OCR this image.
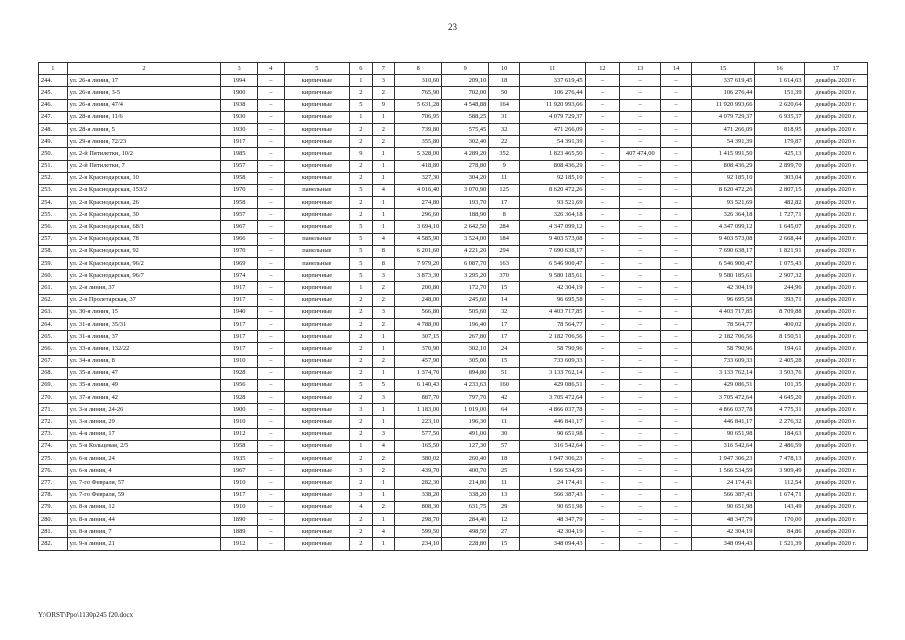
23
1	2	3	4	5	6	7	8	9	10	11	12	13	14	15	16	17
244.	ул. 26-я линия, 17	1994	–	кирпичные	1	3	310,60	209,10	18	337 619,45	–	–	–	337 619,45	1 614,63	декабрь 2020 г.
245.	ул. 26-я линия, 3-5	1900	–	кирпичные	2	2	765,90	702,00	50	106 276,44	–	–	–	106 276,44	151,39	декабрь 2020 г.
246.	ул. 26-я линия, 47/4	1938	–	кирпичные	5	9	5 631,28	4 548,88	164	11 920 993,66	–	–	–	11 920 993,66	2 620,64	декабрь 2020 г.
247.	ул. 28-я линия, 11/6	1930	–	кирпичные	1	1	706,95	588,25	31	4 079 729,37	–	–	–	4 079 729,37	6 935,37	декабрь 2020 г.
248.	ул. 28-я линия, 5	1930	–	кирпичные	2	2	739,80	575,45	32	471 266,09	–	–	–	471 266,09	818,95	декабрь 2020 г.
249.	ул. 29-я линия, 72/23	1917	–	кирпичные	2	2	355,80	302,40	22	54 391,39	–	–	–	54 391,39	179,87	декабрь 2020 г.
250.	ул. 2-й Пятилетки, 10/2	1985	–	кирпичные	9	1	5 328,00	4 289,20	352	1 823 465,50	–	407 474,00	–	1 415 991,50	425,13	декабрь 2020 г.
251.	ул. 2-й Пятилетки, 7	1957	–	кирпичные	2	1	418,80	278,80	9	808 436,29	–	–	–	808 436,29	2 899,70	декабрь 2020 г.
252.	ул. 2-я Краснодарская, 10	1958	–	кирпичные	2	1	327,30	304,20	11	92 185,10	–	–	–	92 185,10	303,04	декабрь 2020 г.
253.	ул. 2-я Краснодарская, 153/2	1970	–	панельные	5	4	4 016,40	3 070,90	125	8 620 472,26	–	–	–	8 620 472,26	2 807,15	декабрь 2020 г.
254.	ул. 2-я Краснодарская, 26	1958	–	кирпичные	2	1	274,80	193,70	17	93 521,69	–	–	–	93 521,69	482,82	декабрь 2020 г.
255.	ул. 2-я Краснодарская, 30	1957	–	кирпичные	2	1	296,60	188,90	8	326 364,18	–	–	–	326 364,18	1 727,71	декабрь 2020 г.
256.	ул. 2-я Краснодарская, 68/1	1967	–	кирпичные	5	1	3 694,10	2 642,50	284	4 347 099,12	–	–	–	4 347 099,12	1 645,07	декабрь 2020 г.
257.	ул. 2-я Краснодарская, 78	1966	–	панельные	5	4	4 585,90	3 524,00	184	9 403 573,08	–	–	–	9 403 573,08	2 668,44	декабрь 2020 г.
258.	ул. 2-я Краснодарская, 92	1970	–	панельные	5	8	6 201,60	4 221,20	294	7 690 638,17	–	–	–	7 690 638,17	1 821,91	декабрь 2020 г.
259.	ул. 2-я Краснодарская, 96/2	1969	–	панельные	5	8	7 979,20	6 087,70	163	6 546 900,47	–	–	–	6 546 900,47	1 075,43	декабрь 2020 г.
260.	ул. 2-я Краснодарская, 96/7	1974	–	кирпичные	5	3	3 873,30	3 295,20	370	9 580 185,61	–	–	–	9 580 185,61	2 907,32	декабрь 2020 г.
261.	ул. 2-я линия, 37	1917	–	кирпичные	1	2	200,80	172,70	15	42 304,19	–	–	–	42 304,19	244,96	декабрь 2020 г.
262.	ул. 2-я Пролетарская, 37	1917	–	кирпичные	2	2	248,00	245,60	14	96 695,58	–	–	–	96 695,58	393,71	декабрь 2020 г.
263.	ул. 30-я линия, 15	1940	–	кирпичные	2	3	566,80	505,60	32	4 403 717,85	–	–	–	4 403 717,85	8 709,88	декабрь 2020 г.
264.	ул. 31-я линия, 35/31	1917	–	кирпичные	2	2	4 788,00	196,40	17	78 564,77	–	–	–	78 564,77	400,02	декабрь 2020 г.
265.	ул. 31-я линия, 37	1917	–	кирпичные	2	1	307,15	267,80	17	2 182 706,56	–	–	–	2 182 706,56	8 150,51	декабрь 2020 г.
266.	ул. 33-я линия, 132/22	1917	–	кирпичные	2	1	370,90	302,10	24	58 790,96	–	–	–	58 790,96	194,61	декабрь 2020 г.
267.	ул. 34-я линия, 8	1910	–	кирпичные	2	2	457,90	305,00	15	733 609,33	–	–	–	733 609,33	2 405,28	декабрь 2020 г.
268.	ул. 35-я линия, 47	1928	–	кирпичные	2	1	1 374,70	894,80	51	3 133 762,14	–	–	–	3 133 762,14	3 503,76	декабрь 2020 г.
269.	ул. 35-я линия, 49	1956	–	кирпичные	5	5	6 140,43	4 233,63	160	429 086,51	–	–	–	429 086,51	101,35	декабрь 2020 г.
270.	ул. 37-я линия, 42	1928	–	кирпичные	2	3	887,70	797,70	42	3 705 472,64	–	–	–	3 705 472,64	4 645,20	декабрь 2020 г.
271.	ул. 3-я линия, 24-26	1900	–	кирпичные	3	1	1 183,00	1 019,00	64	4 866 037,78	–	–	–	4 866 037,78	4 775,31	декабрь 2020 г.
272.	ул. 3-я линия, 29	1910	–	кирпичные	2	1	223,10	196,30	11	446 841,17	–	–	–	446 841,17	2 276,32	декабрь 2020 г.
273.	ул. 4-я линия, 17	1912	–	кирпичные	2	3	577,50	491,00	30	90 651,98	–	–	–	90 651,98	184,63	декабрь 2020 г.
274.	ул. 5-я Кольцевая, 2/5	1958	–	кирпичные	1	4	165,50	127,30	57	316 542,64	–	–	–	316 542,64	2 486,59	декабрь 2020 г.
275.	ул. 6-я линия, 24	1935	–	кирпичные	2	2	380,02	260,40	18	1 947 306,23	–	–	–	1 947 306,23	7 478,13	декабрь 2020 г.
276.	ул. 6-я линия, 4	1967	–	кирпичные	3	2	439,70	400,70	25	1 566 534,59	–	–	–	1 566 534,59	3 909,49	декабрь 2020 г.
277.	ул. 7-го Февраля, 57	1910	–	кирпичные	2	1	282,30	214,80	11	24 174,41	–	–	–	24 174,41	112,54	декабрь 2020 г.
278.	ул. 7-го Февраля, 59	1917	–	кирпичные	3	1	338,20	338,20	13	566 387,43	–	–	–	566 387,43	1 674,71	декабрь 2020 г.
279.	ул. 8-я линия, 12	1910	–	кирпичные	4	2	808,30	631,75	29	90 651,98	–	–	–	90 651,98	143,49	декабрь 2020 г.
280.	ул. 8-я линия, 44	1890	–	кирпичные	2	1	298,70	284,40	12	48 347,79	–	–	–	48 347,79	170,00	декабрь 2020 г.
281.	ул. 8-я линия, 7	1889	–	кирпичные	2	4	599,50	498,50	27	42 304,19	–	–	–	42 304,19	84,86	декабрь 2020 г.
282.	ул. 9-я линия, 21	1912	–	кирпичные	2	1	234,10	228,80	15	348 094,43	–	–	–	348 094,43	1 521,39	декабрь 2020 г.
Y:\ORST\Ppo\1130p245 f20.docx
